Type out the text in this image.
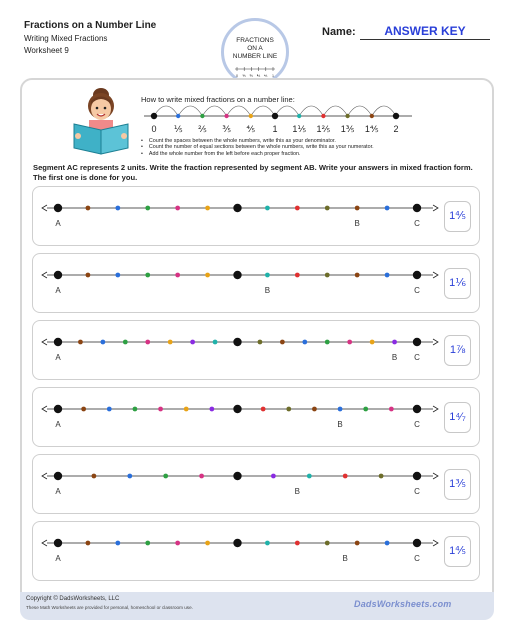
Fractions on a Number Line
Writing Mixed Fractions
Worksheet 9
FRACTIONS
ON A
NUMBER LINE
0 ⅕ ⅖ ⅗ ⅘ 1
Name:	ANSWER KEY
How to write mixed fractions on a number line:
0 ⅕ ⅖ ⅗ ⅘ 1 1⅕ 1⅖ 1⅗ 1⅘ 2
• Count the spaces between the whole numbers, write this as your denominator.
• Count the number of equal sections between the whole numbers, write this as your numerator.
• Add the whole number from the left before each proper fraction.
Segment AC represents 2 units. Write the fraction represented by segment AB. Write your answers in mixed fraction form. The first one is done for you.
A	B	C
1⅘
A	B	C
1⅙
A	B C
1⅞
A	B	C
1⁴⁄₇
A	B	C
1⅗
A	B	C
1⅘
Copyright © DadsWorksheets, LLC
These Math Worksheets are provided for personal, homeschool or classroom use.	DadsWorksheets.com
